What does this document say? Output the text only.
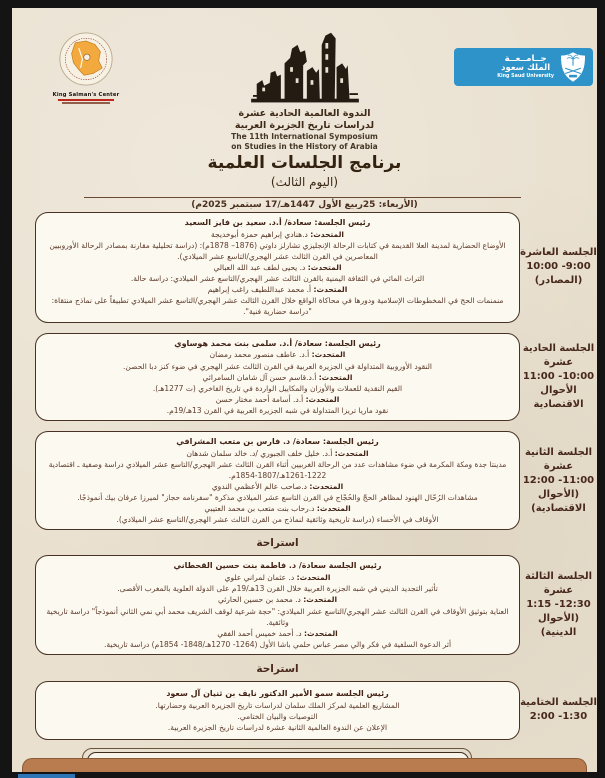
King Salman's Center
جــامــعــة
الملك سعود
King Saud University
الندوة العالمية الحادية عشرة
لدراسات تاريخ الجزيرة العربية
The 11th International Symposium
on Studies in the History of Arabia
برنامج الجلسات العلمية
(اليوم الثالث)
(الأربعاء: 25ربيع الأول 1447هـ/17 سبتمبر 2025م)
الجلسة العاشرة
9:00- 10:00
(المصادر)
رئيس الجلسة: سعادة/ أ.د. سعيد بن فايز السعيد
المتحدث: د.هنادي إبراهيم حمزة أبوخديجة
الأوضاع الحضارية لمدينة العلا القديمة في كتابات الرحالة الإنجليزي تشارلز داوتي (1876– 1878م): (دراسة تحليلية مقارنة بمصادر الرحالة الأوروبيين المعاصرين في القرن الثالث عشر الهجري/التاسع عشر الميلادي).
المتحدث: د. يحيى لطف عبد الله العبالي
التراث المائي في الثقافة اليمنية بالقرن الثالث عشر الهجري/التاسع عشر الميلادي: دراسة حالة.
المتحدث: أ. محمد عبداللطيف راغب إبراهيم
منمنمات الحج في المخطوطات الإسلامية ودورها في محاكاة الواقع خلال القرن الثالث عشر الهجري/التاسع عشر الميلادي تطبيقاً على نماذج منتقاة: "دراسة حضارية فنية".
الجلسة الحادية عشرة
10:00- 11:00
الأحوال الاقتصادية
رئيس الجلسة: سعادة/ أ.د. سلمى بنت محمد هوساوي
المتحدث: أ.د. عاطف منصور محمد رمضان
النقود الأوروبية المتداولة في الجزيرة العربية في القرن الثالث عشر الهجري في ضوء كنز دبا الحصن.
المتحدث: أ.د.قاسم حسن آل شامان السامرائي
القيم النقدية للعملات والأوزان والمكاييل الواردة في تاريخ الفاخري (ت 1277هـ).
المتحدث: أ.د. أسامة أحمد مختار حسن
نقود ماريا تريزا المتداولة في شبه الجزيرة العربية في القرن 13هـ/19م.
الجلسة الثانية عشرة
11:00- 12:00
(الأحوال الاقتصادية)
رئيس الجلسة: سعادة/ د. فارس بن متعب المشرافي
المتحدث: أ.د. خليل خلف الجبوري /د. خالد سلمان شدهان
مدينتا جدة ومكة المكرمة في ضوء مشاهدات عدد من الرحالة الغربيين أثناء القرن الثالث عشر الهجري/التاسع عشر الميلادي دراسة وصفية ـ اقتصادية 1222-1261هـ/1807-1854م.
المتحدث: د.صاحب عالم الأعظمي الندوي
مشاهدات الرُحّال الهنود لمظاهر الحجّ والحُجّاج في القرن التاسع عشر الميلادي مذكرة "سفرنامه حجاز" لميرزا عرفان بيك أنموذجًا.
المتحدث: د.رحاب بنت متعب بن محمد العتيبي
الأوقاف في الأحساء (دراسة تاريخية وثائقية لنماذج من القرن الثالث عشر الهجري/التاسع عشر الميلادي).
استراحة
الجلسة الثالثة عشرة
12:30- 1:15
(الأحوال الدينية)
رئيس الجلسة سعادة/ د. فاطمة بنت حسين القحطاني
المتحدث: د. عثمان لمراني علوي
تأثير التجديد الديني في شبه الجزيرة العربية خلال القرن 13هـ/19م على الدولة العلوية بالمغرب الأقصى.
المتحدث: د. محمد بن حسين الحارثي
العناية بتوثيق الأوقاف في القرن الثالث عشر الهجري/التاسع عشر الميلادي: "حجة شرعية لوقف الشريف محمد أبي نمي الثاني أنموذجاً" دراسة تاريخية وثائقية.
المتحدث: د. أحمد خميس أحمد الفقي
أثر الدعوة السلفية في فكر والي مصر عباس حلمي باشا الأول (1264- 1270هـ/1848- 1854م) دراسة تاريخية.
استراحة
الجلسة الختامية
1:30- 2:00
رئيس الجلسة سمو الأمير الدكتور نايف بن ثنيان آل سعود
المشاريع العلمية لمركز الملك سلمان لدراسات تاريخ الجزيرة العربية وحضارتها.
التوصيات والبيان الختامي.
الإعلان عن الندوة العالمية الثانية عشرة لدراسات تاريخ الجزيرة العربية.
